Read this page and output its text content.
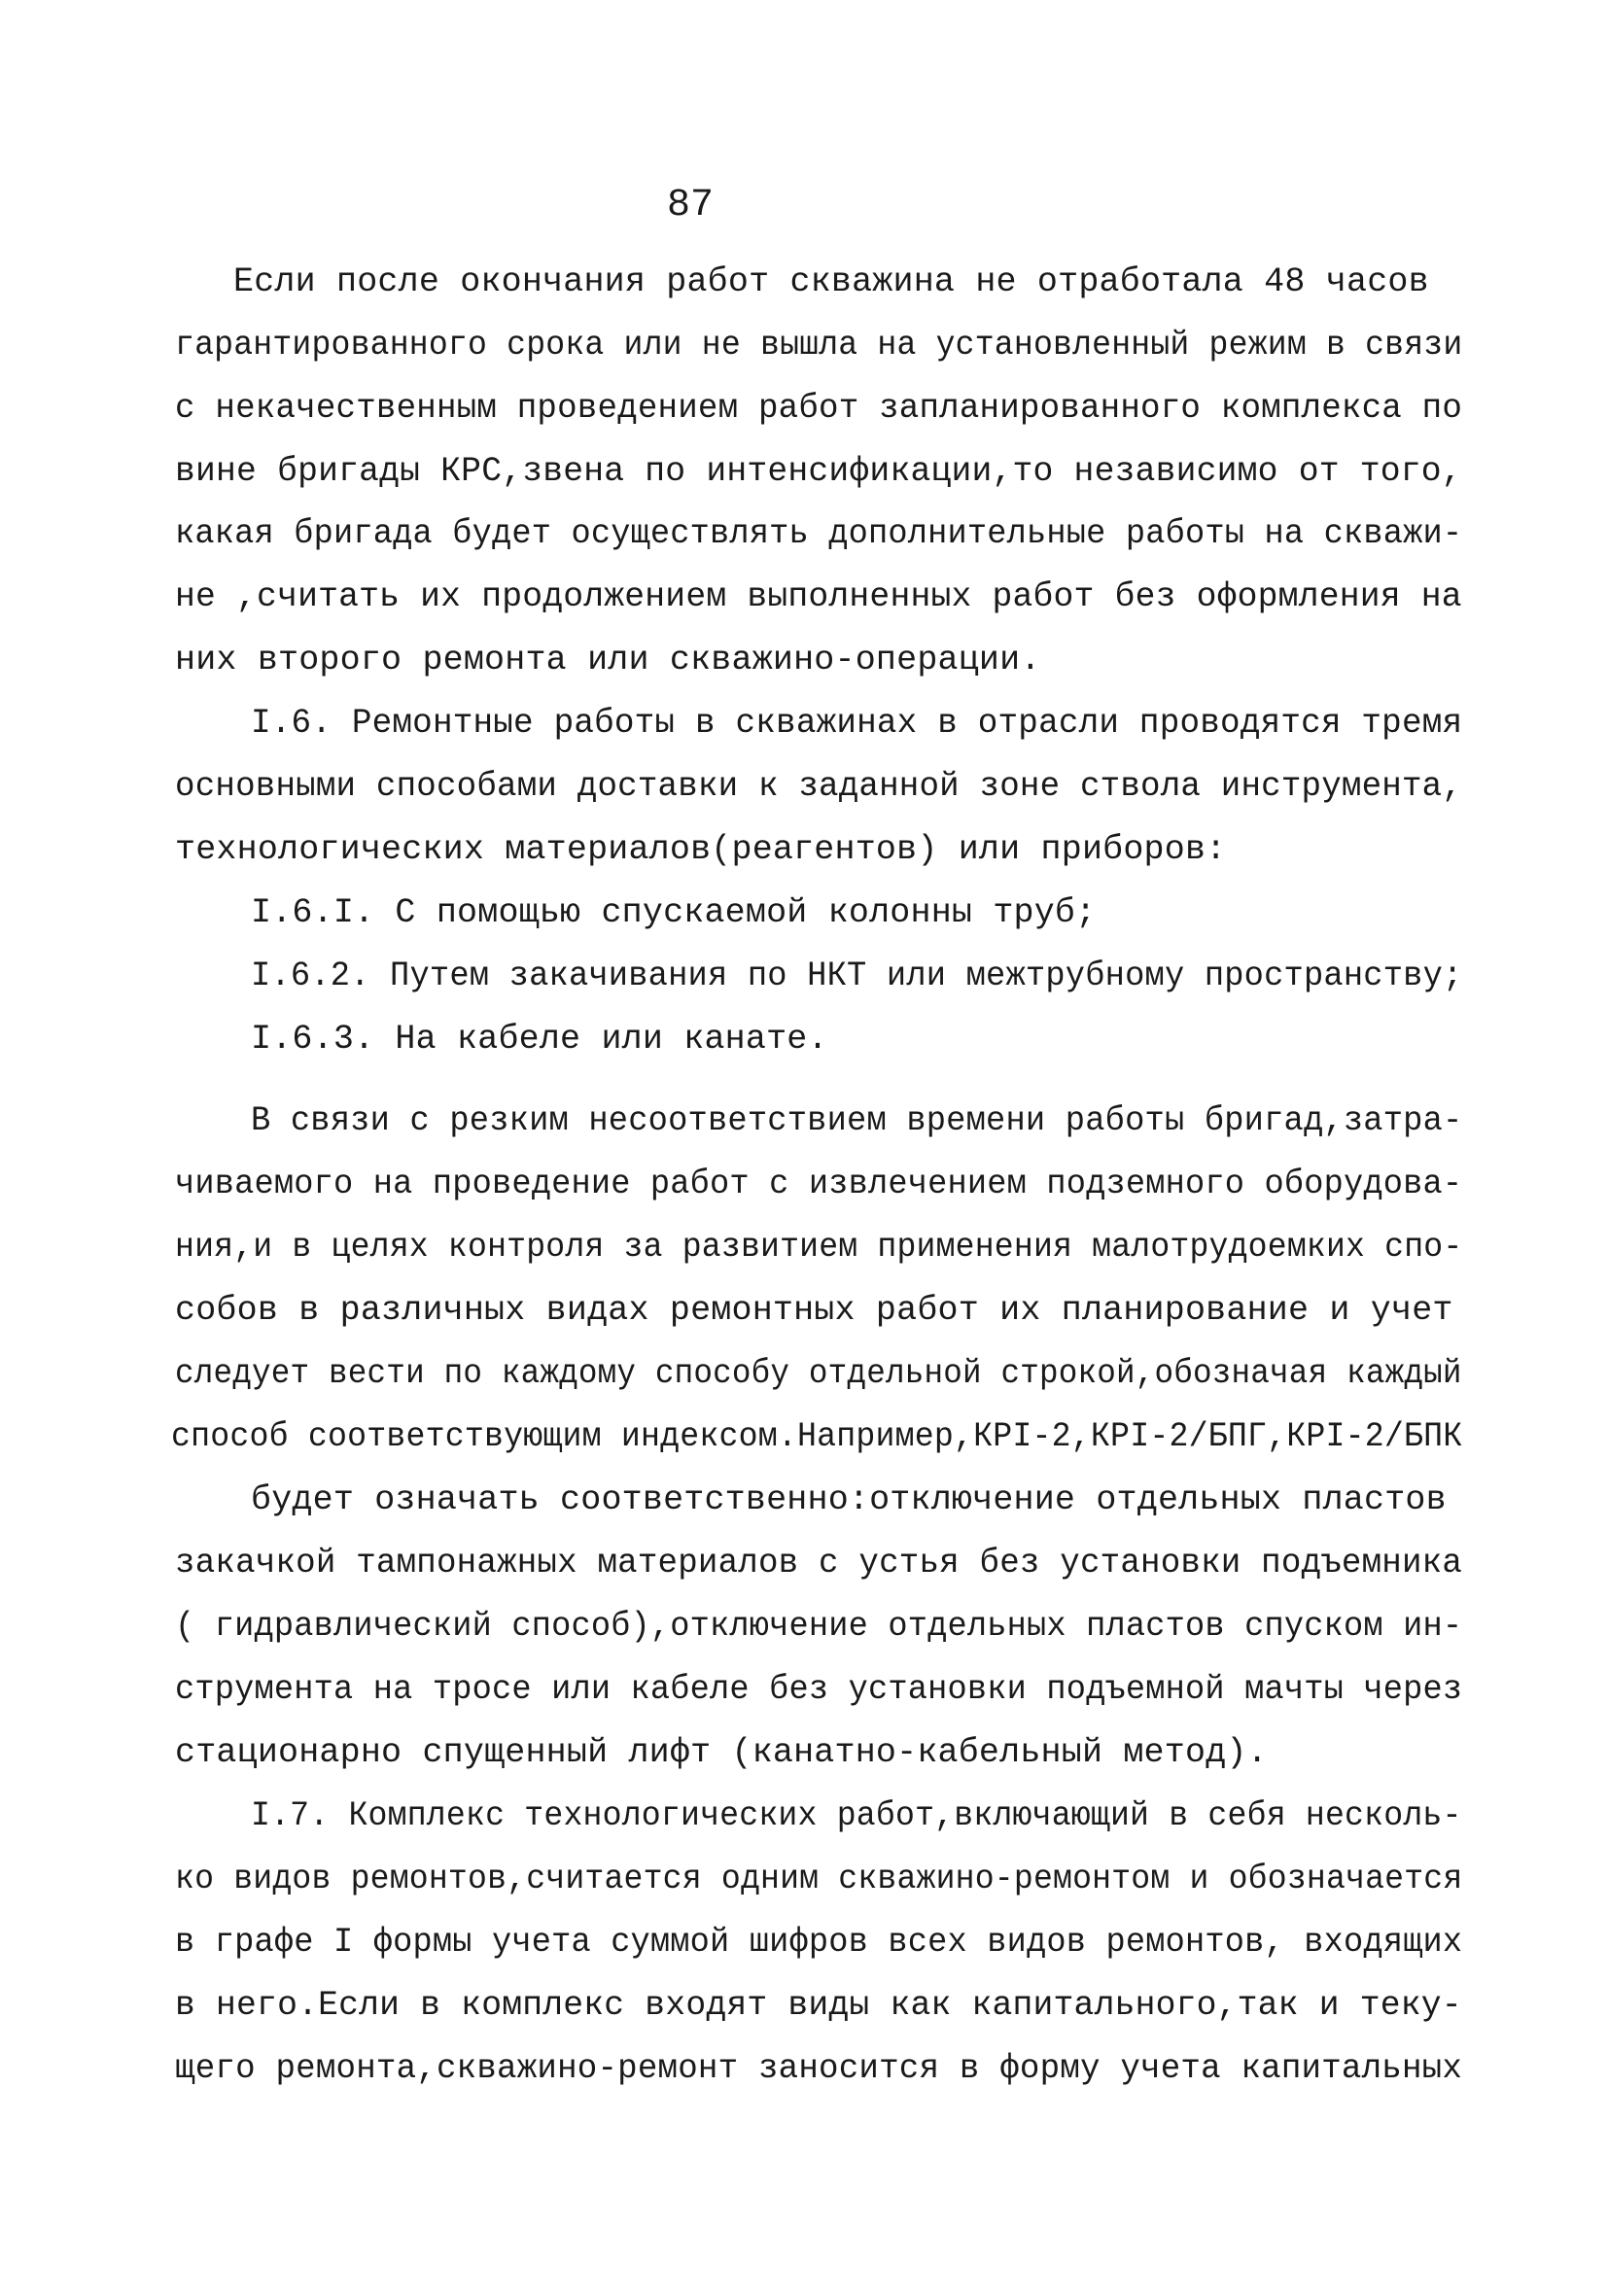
87
Если после окончания работ скважина не отработала 48 часов
гарантированного срока или не вышла на установленный режим в связи
с некачественным проведением работ запланированного комплекса по
вине бригады КРС,звена по интенсификации,то независимо от того,
какая бригада будет осуществлять дополнительные работы на скважи-
не ,считать их продолжением выполненных работ без оформления на
них второго ремонта или скважино-операции.
I.6. Ремонтные работы в скважинах в отрасли проводятся тремя
основными способами доставки к заданной зоне ствола инструмента,
технологических материалов(реагентов) или приборов:
I.6.I. С помощью спускаемой колонны труб;
I.6.2. Путем закачивания по НКТ или межтрубному пространству;
I.6.3. На кабеле или канате.
В связи с резким несоответствием времени работы бригад,затра-
чиваемого на проведение работ с извлечением подземного оборудова-
ния,и в целях контроля за развитием применения малотрудоемких спо-
собов в различных видах ремонтных работ их планирование и учет
следует вести по каждому способу отдельной строкой,обозначая каждый
способ соответствующим индексом.Например,КРI-2,КРI-2/БПГ,КРI-2/БПК
будет означать соответственно:отключение отдельных пластов
закачкой тампонажных материалов с устья без установки подъемника
( гидравлический способ),отключение отдельных пластов спуском ин-
струмента на тросе или кабеле без установки подъемной мачты через
стационарно спущенный лифт (канатно-кабельный метод).
I.7. Комплекс технологических работ,включающий в себя несколь-
ко видов ремонтов,считается одним скважино-ремонтом и обозначается
в графе I формы учета суммой шифров всех видов ремонтов, входящих
в него.Если в комплекс входят виды как капитального,так и теку-
щего ремонта,скважино-ремонт заносится в форму учета капитальных
